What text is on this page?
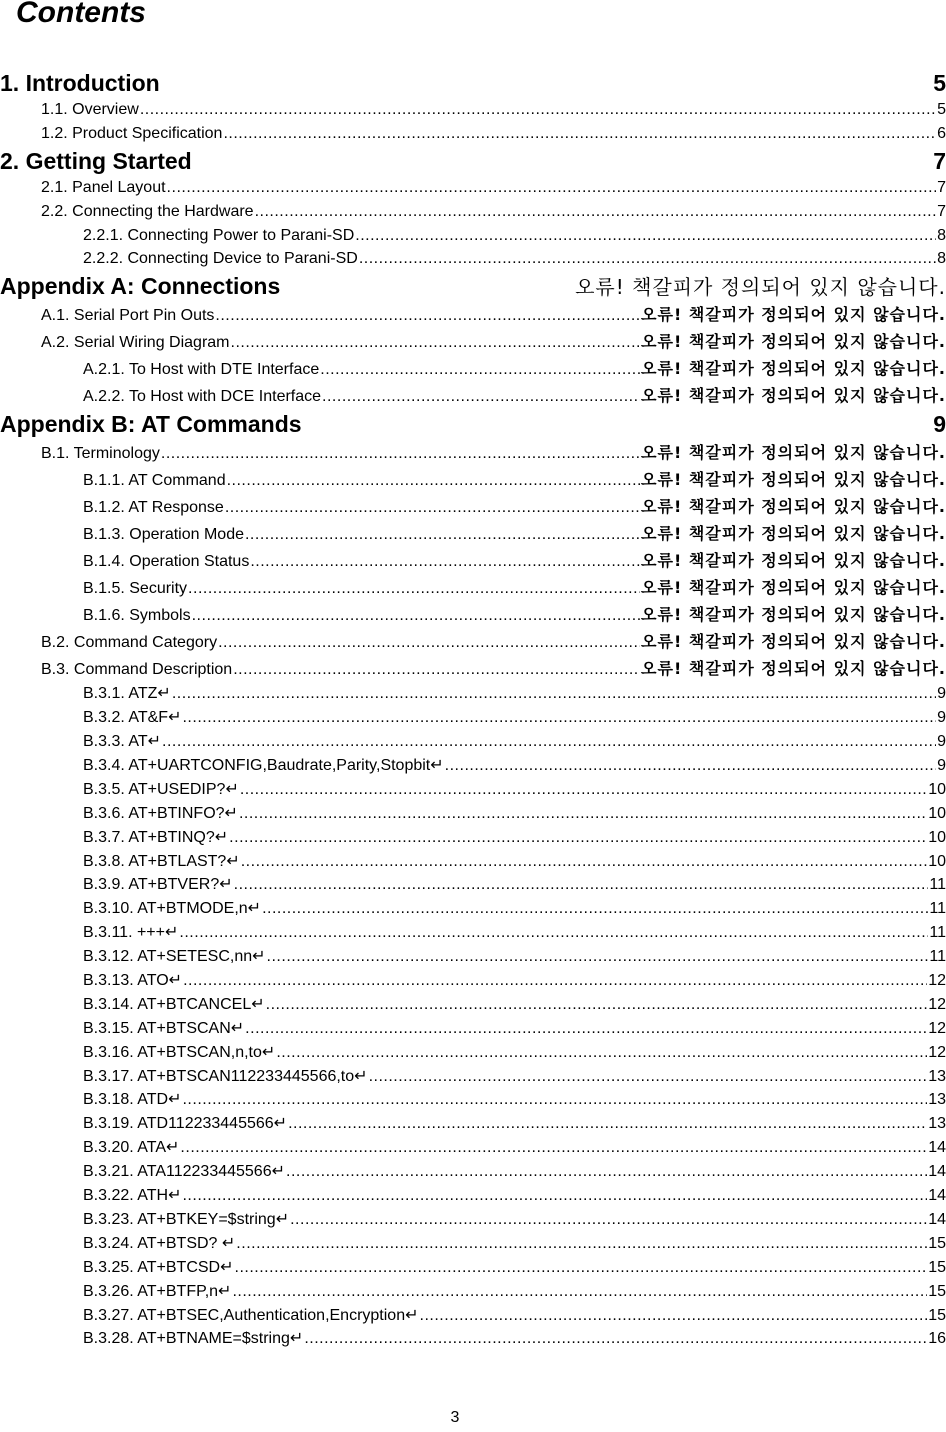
Contents
1. Introduction	5
1.1. Overview .....	5
1.2. Product Specification .....	6
2. Getting Started	7
2.1. Panel Layout .....	7
2.2. Connecting the Hardware .....	7
2.2.1. Connecting Power to Parani-SD .....	8
2.2.2. Connecting Device to Parani-SD .....	8
Appendix A: Connections	오류! 책갈피가 정의되어 있지 않습니다.
A.1. Serial Port Pin Outs .....	오류! 책갈피가 정의되어 있지 않습니다.
A.2. Serial Wiring Diagram .....	오류! 책갈피가 정의되어 있지 않습니다.
A.2.1. To Host with DTE Interface .....	오류! 책갈피가 정의되어 있지 않습니다.
A.2.2. To Host with DCE Interface .....	오류! 책갈피가 정의되어 있지 않습니다.
Appendix B: AT Commands	9
B.1. Terminology .....	오류! 책갈피가 정의되어 있지 않습니다.
B.1.1. AT Command .....	오류! 책갈피가 정의되어 있지 않습니다.
B.1.2. AT Response .....	오류! 책갈피가 정의되어 있지 않습니다.
B.1.3. Operation Mode .....	오류! 책갈피가 정의되어 있지 않습니다.
B.1.4. Operation Status .....	오류! 책갈피가 정의되어 있지 않습니다.
B.1.5. Security .....	오류! 책갈피가 정의되어 있지 않습니다.
B.1.6. Symbols .....	오류! 책갈피가 정의되어 있지 않습니다.
B.2. Command Category .....	오류! 책갈피가 정의되어 있지 않습니다.
B.3. Command Description .....	오류! 책갈피가 정의되어 있지 않습니다.
B.3.1. ATZ↵ .....	9
B.3.2. AT&F↵ .....	9
B.3.3. AT↵ .....	9
B.3.4. AT+UARTCONFIG,Baudrate,Parity,Stopbit↵ .....	9
B.3.5. AT+USEDIP?↵ .....	10
B.3.6. AT+BTINFO?↵ .....	10
B.3.7. AT+BTINQ?↵ .....	10
B.3.8. AT+BTLAST?↵ .....	10
B.3.9. AT+BTVER?↵ .....	11
B.3.10. AT+BTMODE,n↵ .....	11
B.3.11. +++↵ .....	11
B.3.12. AT+SETESC,nn↵ .....	11
B.3.13. ATO↵ .....	12
B.3.14. AT+BTCANCEL↵ .....	12
B.3.15. AT+BTSCAN↵ .....	12
B.3.16. AT+BTSCAN,n,to↵ .....	12
B.3.17. AT+BTSCAN112233445566,to↵ .....	13
B.3.18. ATD↵ .....	13
B.3.19. ATD112233445566↵ .....	13
B.3.20. ATA↵ .....	14
B.3.21. ATA112233445566↵ .....	14
B.3.22. ATH↵ .....	14
B.3.23. AT+BTKEY=$string↵ .....	14
B.3.24. AT+BTSD? ↵ .....	15
B.3.25. AT+BTCSD↵ .....	15
B.3.26. AT+BTFP,n↵ .....	15
B.3.27. AT+BTSEC,Authentication,Encryption↵ .....	15
B.3.28. AT+BTNAME=$string↵ .....	16
3
